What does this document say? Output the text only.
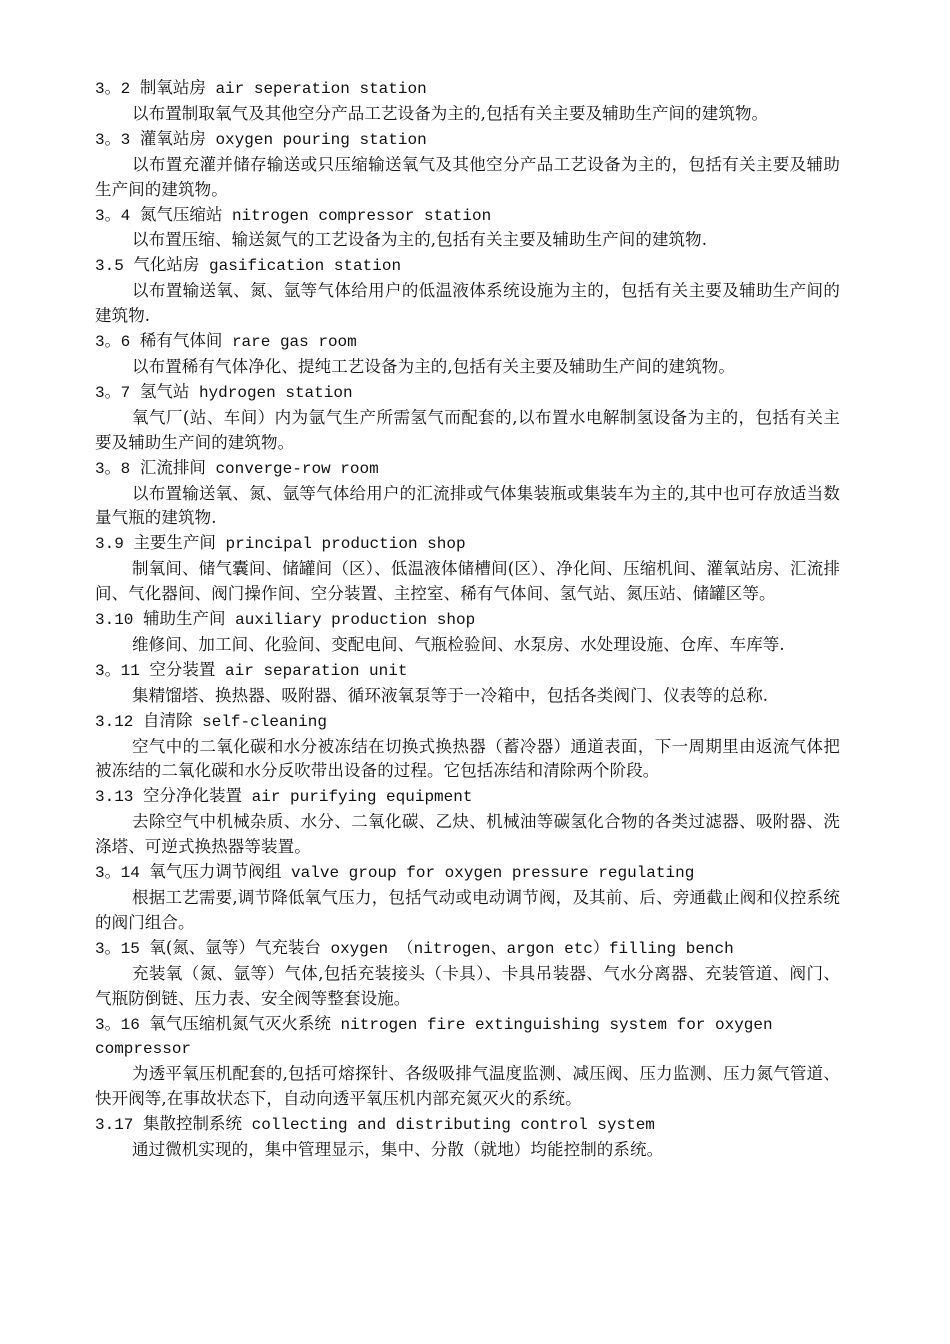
3。2 制氧站房 air seperation station
以布置制取氧气及其他空分产品工艺设备为主的,包括有关主要及辅助生产间的建筑物。
3。3 灌氧站房 oxygen pouring station
以布置充灌并储存输送或只压缩输送氧气及其他空分产品工艺设备为主的，包括有关主要及辅助生产间的建筑物。
3。4 氮气压缩站 nitrogen compressor station
以布置压缩、输送氮气的工艺设备为主的,包括有关主要及辅助生产间的建筑物.
3.5 气化站房 gasification station
以布置输送氧、氮、氩等气体给用户的低温液体系统设施为主的，包括有关主要及辅助生产间的建筑物.
3。6 稀有气体间 rare gas room
以布置稀有气体净化、提纯工艺设备为主的,包括有关主要及辅助生产间的建筑物。
3。7 氢气站 hydrogen station
氧气厂(站、车间）内为氩气生产所需氢气而配套的,以布置水电解制氢设备为主的，包括有关主要及辅助生产间的建筑物。
3。8 汇流排间 converge-row room
以布置输送氧、氮、氩等气体给用户的汇流排或气体集装瓶或集装车为主的,其中也可存放适当数量气瓶的建筑物.
3.9 主要生产间 principal production shop
制氧间、储气囊间、储罐间（区）、低温液体储槽间(区）、净化间、压缩机间、灌氧站房、汇流排间、气化器间、阀门操作间、空分装置、主控室、稀有气体间、氢气站、氮压站、储罐区等。
3.10 辅助生产间 auxiliary production shop
维修间、加工间、化验间、变配电间、气瓶检验间、水泵房、水处理设施、仓库、车库等.
3。11 空分装置 air separation unit
集精馏塔、换热器、吸附器、循环液氧泵等于一冷箱中，包括各类阀门、仪表等的总称.
3.12 自清除 self-cleaning
空气中的二氧化碳和水分被冻结在切换式换热器（蓄冷器）通道表面，下一周期里由返流气体把被冻结的二氧化碳和水分反吹带出设备的过程。它包括冻结和清除两个阶段。
3.13 空分净化装置 air purifying equipment
去除空气中机械杂质、水分、二氧化碳、乙炔、机械油等碳氢化合物的各类过滤器、吸附器、洗涤塔、可逆式换热器等装置。
3。14 氧气压力调节阀组 valve group for oxygen pressure regulating
根据工艺需要,调节降低氧气压力，包括气动或电动调节阀，及其前、后、旁通截止阀和仪控系统的阀门组合。
3。15 氧(氮、氩等）气充装台 oxygen （nitrogen、argon etc）filling bench
充装氧（氮、氩等）气体,包括充装接头（卡具）、卡具吊装器、气水分离器、充装管道、阀门、气瓶防倒链、压力表、安全阀等整套设施。
3。16 氧气压缩机氮气灭火系统 nitrogen fire extinguishing system for oxygen compressor
为透平氧压机配套的,包括可熔探针、各级吸排气温度监测、减压阀、压力监测、压力氮气管道、快开阀等,在事故状态下，自动向透平氧压机内部充氮灭火的系统。
3.17 集散控制系统 collecting and distributing control system
通过微机实现的，集中管理显示，集中、分散（就地）均能控制的系统。
